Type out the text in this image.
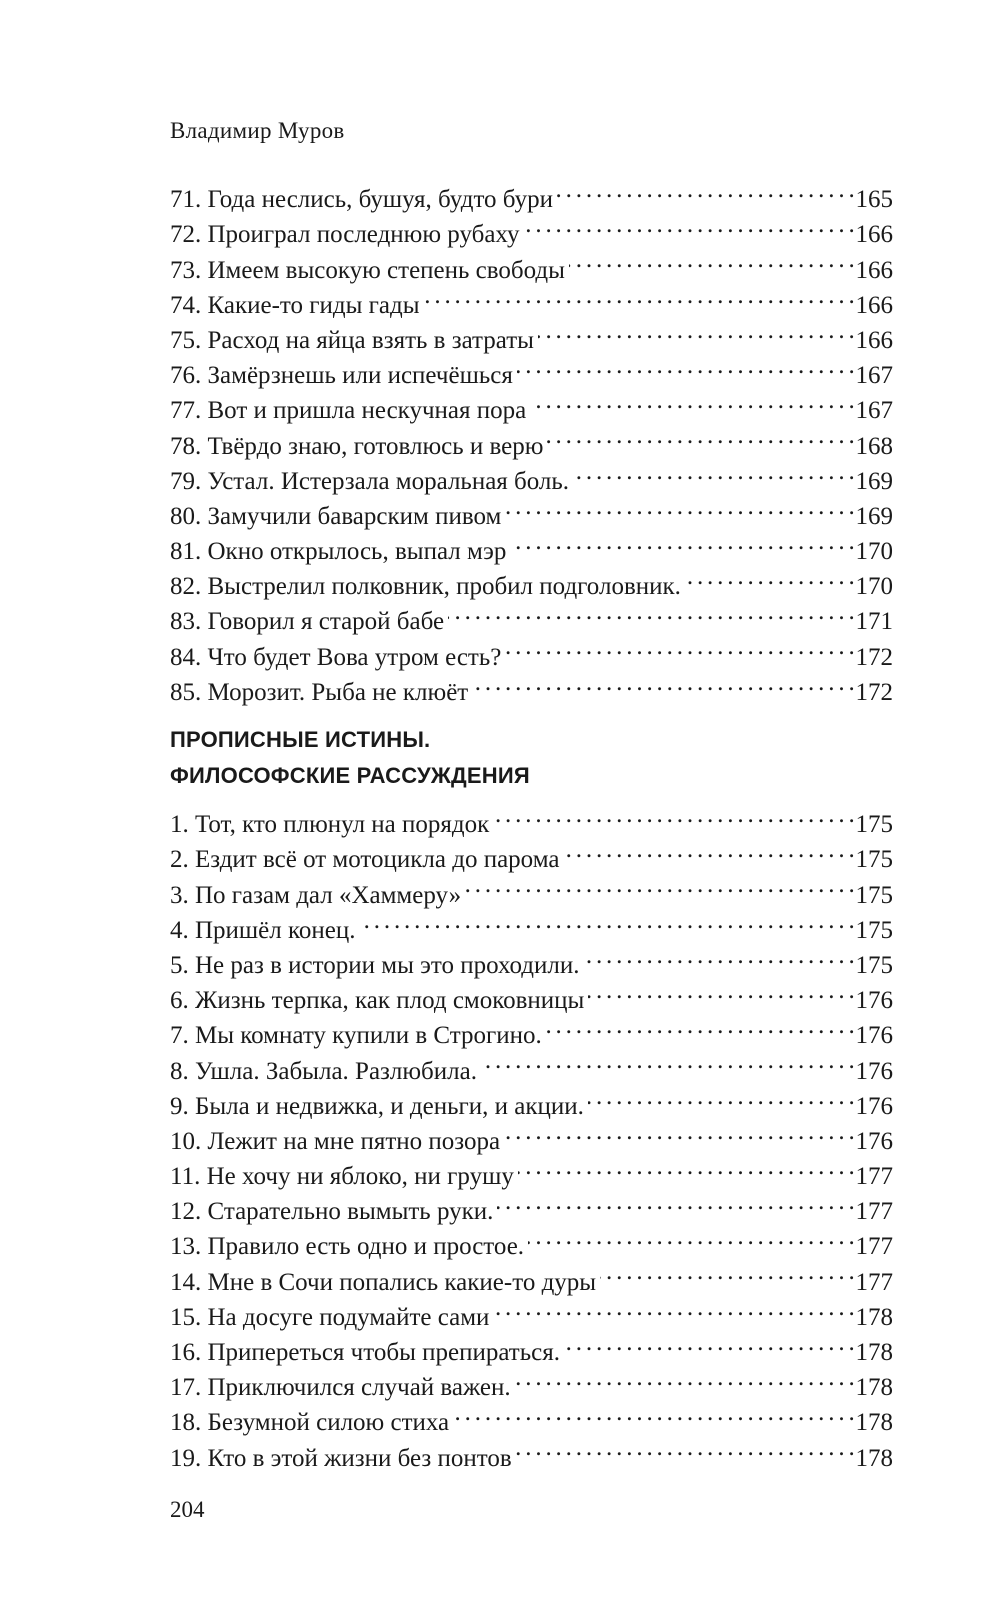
Владимир Муров
71. Года неслись, бушуя, будто бури . . .	165
72. Проиграл последнюю рубаху . . .	166
73. Имеем высокую степень свободы . . .	166
74. Какие-то гиды гады . . .	166
75. Расход на яйца взять в затраты . . .	166
76. Замёрзнешь или испечёшься . . .	167
77. Вот и пришла нескучная пора . . .	167
78. Твёрдо знаю, готовлюсь и верю . . .	168
79. Устал. Истерзала моральная боль. . . .	169
80. Замучили баварским пивом . . .	169
81. Окно открылось, выпал мэр . . .	170
82. Выстрелил полковник, пробил подголовник. . . .	170
83. Говорил я старой бабе . . .	171
84. Что будет Вова утром есть? . . .	172
85. Морозит. Рыба не клюёт . . .	172
ПРОПИСНЫЕ ИСТИНЫ.
ФИЛОСОФСКИЕ РАССУЖДЕНИЯ
1. Тот, кто плюнул на порядок . . .	175
2. Ездит всё от мотоцикла до парома . . .	175
3. По газам дал «Хаммеру» . . .	175
4. Пришёл конец. . . .	175
5. Не раз в истории мы это проходили. . . .	175
6. Жизнь терпка, как плод смоковницы . . .	176
7. Мы комнату купили в Строгино. . . .	176
8. Ушла. Забыла. Разлюбила. . . .	176
9. Была и недвижка, и деньги, и акции. . . .	176
10. Лежит на мне пятно позора . . .	176
11. Не хочу ни яблоко, ни грушу . . .	177
12. Старательно вымыть руки. . . .	177
13. Правило есть одно и простое. . . .	177
14. Мне в Сочи попались какие-то дуры . . .	177
15. На досуге подумайте сами . . .	178
16. Припереться чтобы препираться. . . .	178
17. Приключился случай важен. . . .	178
18. Безумной силою стиха . . .	178
19. Кто в этой жизни без понтов . . .	178
204
